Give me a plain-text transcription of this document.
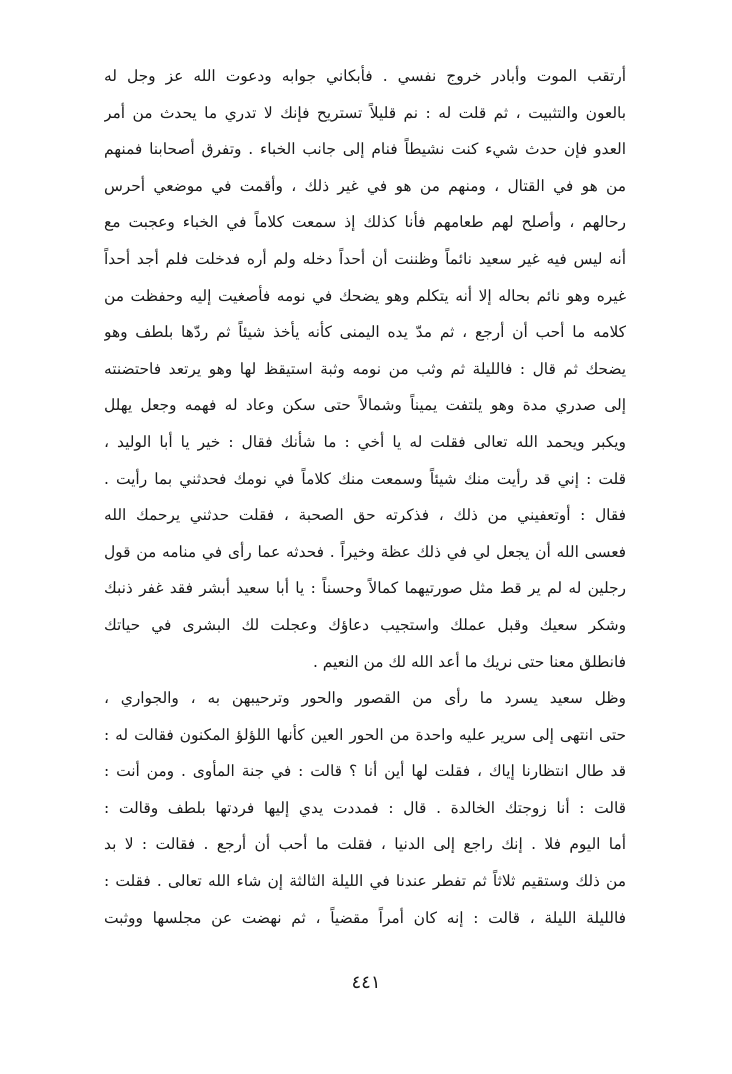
أرتقب الموت وأبادر خروج نفسي . فأبكاني جوابه ودعوت الله عز وجل له
بالعون والتثبيت ، ثم قلت له : نم قليلاً تستريح فإنك لا تدري ما يحدث من أمر
العدو فإن حدث شيء كنت نشيطاً فنام إلى جانب الخباء . وتفرق أصحابنا فمنهم
من هو في القتال ، ومنهم من هو في غير ذلك ، وأقمت في موضعي أحرس
رحالهم ، وأصلح لهم طعامهم فأنا كذلك إذ سمعت كلاماً في الخباء وعجبت مع
أنه ليس فيه غير سعيد نائماً وظننت أن أحداً دخله ولم أره فدخلت فلم أجد أحداً
غيره وهو نائم بحاله إلا أنه يتكلم وهو يضحك في نومه فأصغيت إليه وحفظت من
كلامه ما أحب أن أرجع ، ثم مدّ يده اليمنى كأنه يأخذ شيئاً ثم ردّها بلطف وهو
يضحك ثم قال : فالليلة ثم وثب من نومه وثبة استيقظ لها وهو يرتعد فاحتضنته
إلى صدري مدة وهو يلتفت يميناً وشمالاً حتى سكن وعاد له فهمه وجعل يهلل
ويكبر ويحمد الله تعالى فقلت له يا أخي : ما شأنك فقال : خير يا أبا الوليد ،
قلت : إني قد رأيت منك شيئاً وسمعت منك كلاماً في نومك فحدثني بما رأيت .
فقال : أوتعفيني من ذلك ، فذكرته حق الصحبة ، فقلت حدثني يرحمك الله
فعسى الله أن يجعل لي في ذلك عظة وخيراً . فحدثه عما رأى في منامه من قول
رجلين له لم ير قط مثل صورتيهما كمالاً وحسناً : يا أبا سعيد أبشر فقد غفر ذنبك
وشكر سعيك وقبل عملك واستجيب دعاؤك وعجلت لك البشرى في حياتك
فانطلق معنا حتى نريك ما أعد الله لك من النعيم .
وظل سعيد يسرد ما رأى من القصور والحور وترحيبهن به ، والجواري ،
حتى انتهى إلى سرير عليه واحدة من الحور العين كأنها اللؤلؤ المكنون فقالت له :
قد طال انتظارنا إياك ، فقلت لها أين أنا ؟ قالت : في جنة المأوى . ومن أنت :
قالت : أنا زوجتك الخالدة . قال : فمددت يدي إليها فردتها بلطف وقالت :
أما اليوم فلا . إنك راجع إلى الدنيا ، فقلت ما أحب أن أرجع . فقالت : لا بد
من ذلك وستقيم ثلاثاً ثم تفطر عندنا في الليلة الثالثة إن شاء الله تعالى . فقلت :
فالليلة الليلة ، قالت : إنه كان أمراً مقضياً ، ثم نهضت عن مجلسها ووثبت
٤٤١
